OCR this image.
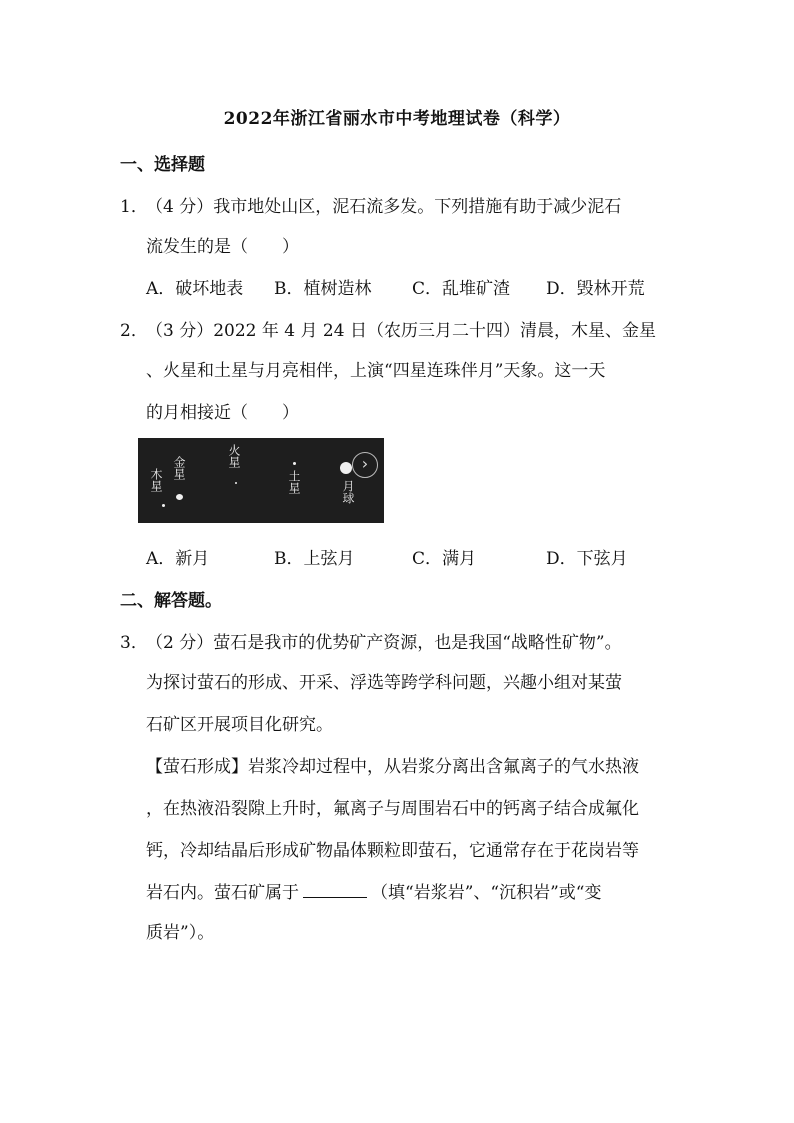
2022年浙江省丽水市中考地理试卷（科学）
一、选择题
1．
（4 分）我市地处山区，泥石流多发。下列措施有助于减少泥石
流发生的是（　　）
A．破坏地表 B．植树造林 C．乱堆矿渣 D．毁林开荒
2．
（3 分）2022 年 4 月 24 日（农历三月二十四）清晨，木星、金星
、火星和土星与月亮相伴，上演“四星连珠伴月”天象。这一天
的月相接近（　　）
木星 金星	火星
土星	月球
›
A．新月	B．上弦月	C．满月	D．下弦月
二、解答题。
3．
（2 分）萤石是我市的优势矿产资源，也是我国“战略性矿物”。
为探讨萤石的形成、开采、浮选等跨学科问题，兴趣小组对某萤
石矿区开展项目化研究。
【萤石形成】岩浆冷却过程中，从岩浆分离出含氟离子的气水热液
，在热液沿裂隙上升时，氟离子与周围岩石中的钙离子结合成氟化
钙，冷却结晶后形成矿物晶体颗粒即萤石，它通常存在于花岗岩等
岩石内。萤石矿属于	（填“岩浆岩”、“沉积岩”或“变
质岩”）。
